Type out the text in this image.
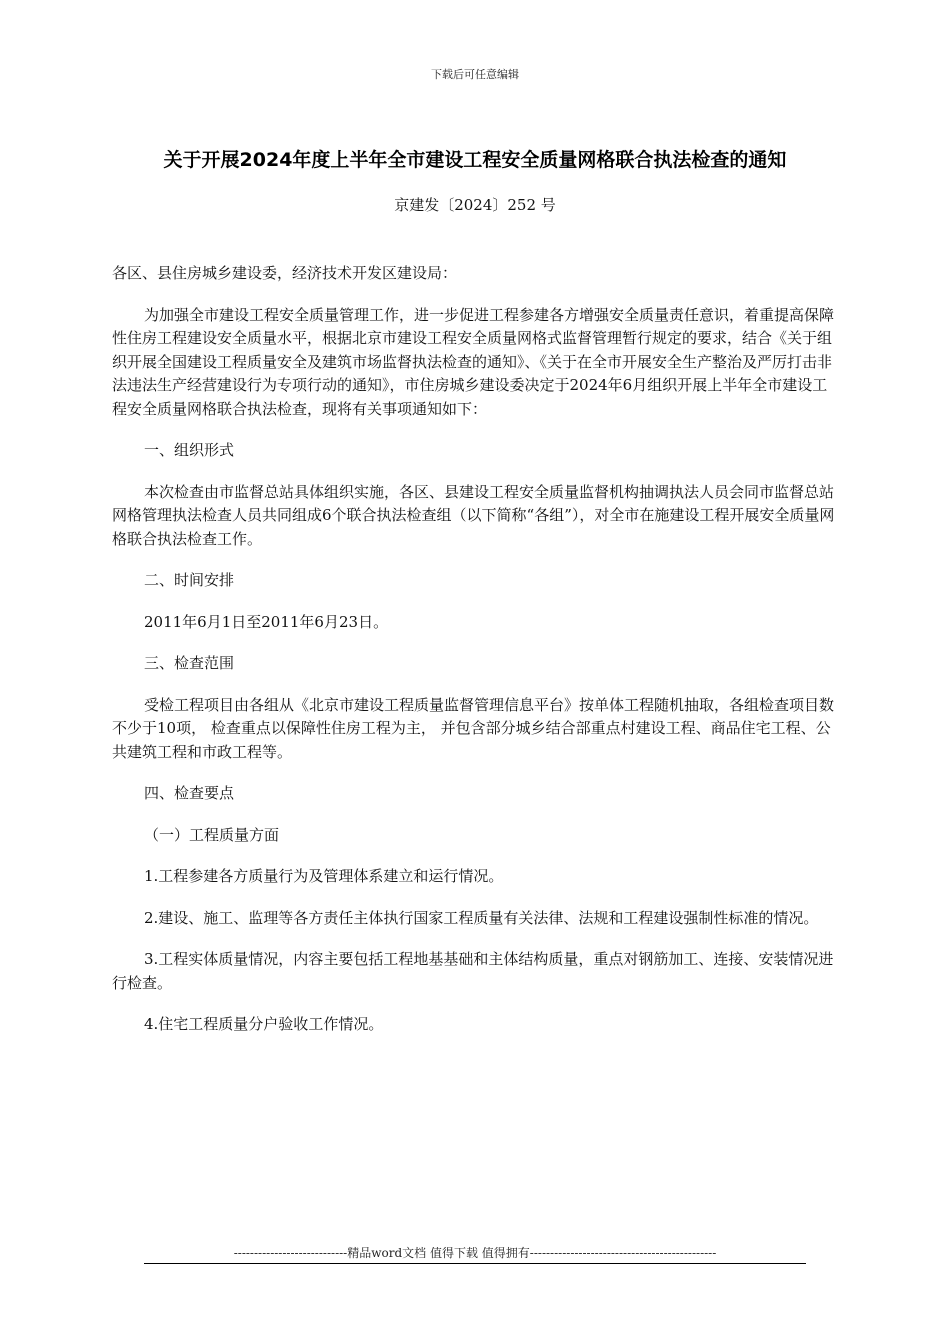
下载后可任意编辑
关于开展2024年度上半年全市建设工程安全质量网格联合执法检查的通知
京建发〔2024〕252 号

各区、县住房城乡建设委，经济技术开发区建设局：

为加强全市建设工程安全质量管理工作，进一步促进工程参建各方增强安全质量责任意识，着重提高保障性住房工程建设安全质量水平，根据北京市建设工程安全质量网格式监督管理暂行规定的要求，结合《关于组织开展全国建设工程质量安全及建筑市场监督执法检查的通知》、《关于在全市开展安全生产整治及严厉打击非法违法生产经营建设行为专项行动的通知》，市住房城乡建设委决定于2024年6月组织开展上半年全市建设工程安全质量网格联合执法检查，现将有关事项通知如下：

一、组织形式

本次检查由市监督总站具体组织实施，各区、县建设工程安全质量监督机构抽调执法人员会同市监督总站网格管理执法检查人员共同组成6个联合执法检查组（以下简称“各组”），对全市在施建设工程开展安全质量网格联合执法检查工作。

二、时间安排

2011年6月1日至2011年6月23日。

三、检查范围

受检工程项目由各组从《北京市建设工程质量监督管理信息平台》按单体工程随机抽取，各组检查项目数不少于10项， 检查重点以保障性住房工程为主， 并包含部分城乡结合部重点村建设工程、商品住宅工程、公共建筑工程和市政工程等。

四、检查要点

（一）工程质量方面

1.工程参建各方质量行为及管理体系建立和运行情况。

2.建设、施工、监理等各方责任主体执行国家工程质量有关法律、法规和工程建设强制性标准的情况。

3.工程实体质量情况，内容主要包括工程地基基础和主体结构质量，重点对钢筋加工、连接、安装情况进行检查。

4.住宅工程质量分户验收工作情况。

----------------------------精品word文档 值得下载 值得拥有----------------------------------------------
